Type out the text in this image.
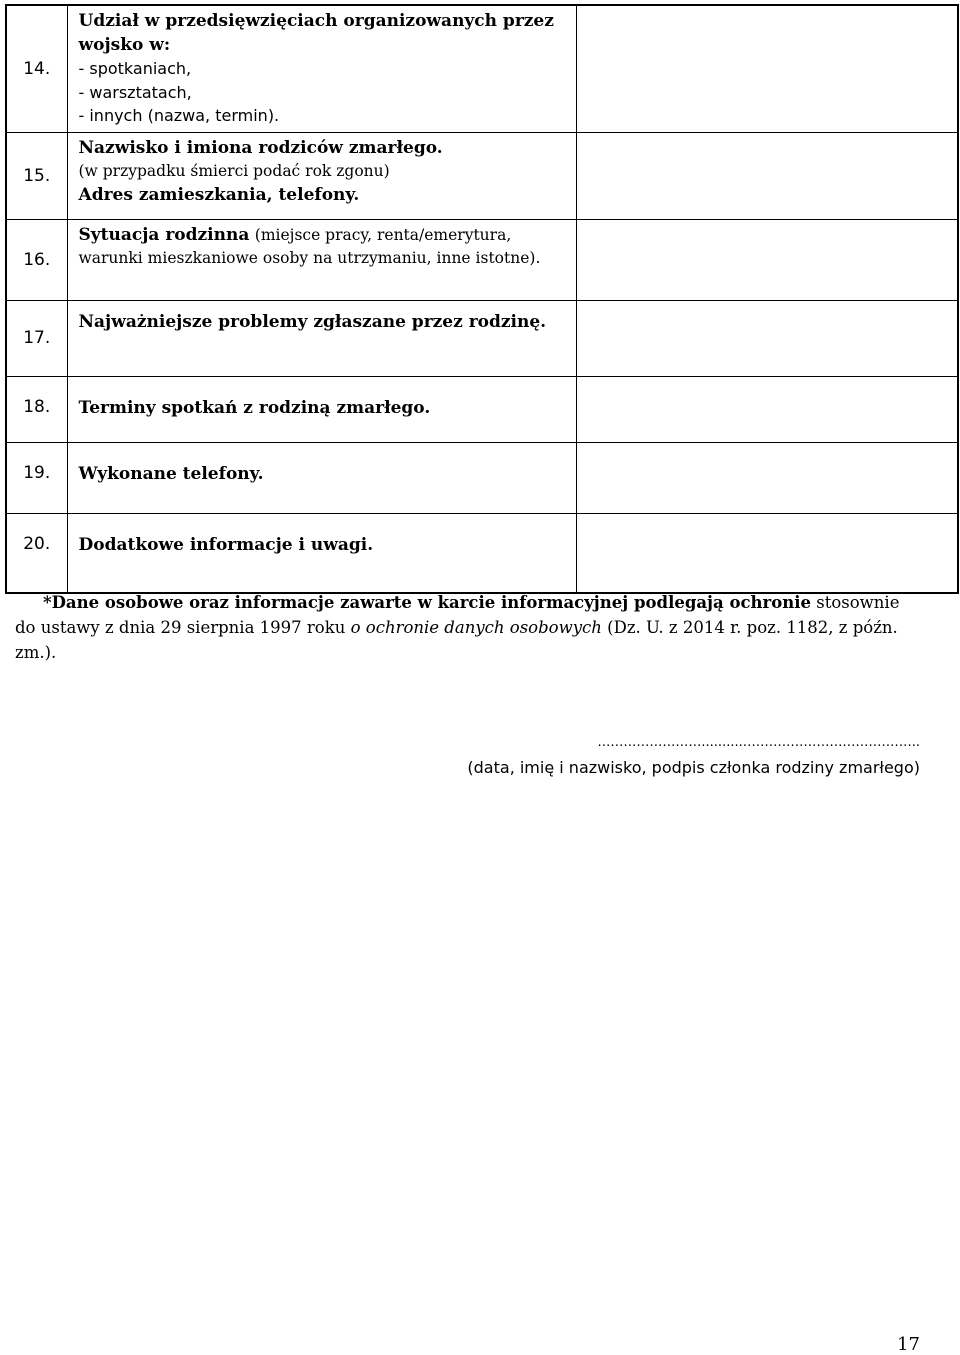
14.	Udział w przedsięwzięciach organizowanych przez wojsko w:
- spotkaniach,
- warsztatach,
- innych (nazwa, termin).	

15.	Nazwisko i imiona rodziców zmarłego.
(w przypadku śmierci podać rok zgonu)
Adres zamieszkania, telefony.	

16.	Sytuacja rodzinna (miejsce pracy, renta/emerytura, warunki mieszkaniowe osoby na utrzymaniu, inne istotne).	
17.	Najważniejsze problemy zgłaszane przez rodzinę.	

18.	Terminy spotkań z rodziną zmarłego.	

19.	Wykonane telefony.	

20.	Dodatkowe informacje i uwagi.	

*Dane osobowe oraz informacje zawarte w karcie informacyjnej podlegają ochronie stosownie do ustawy z dnia 29 sierpnia 1997 roku o ochronie danych osobowych (Dz. U. z 2014 r. poz. 1182, z późn. zm.).
……………………..........…………………………………..
(data, imię i nazwisko, podpis członka rodziny zmarłego)
17
